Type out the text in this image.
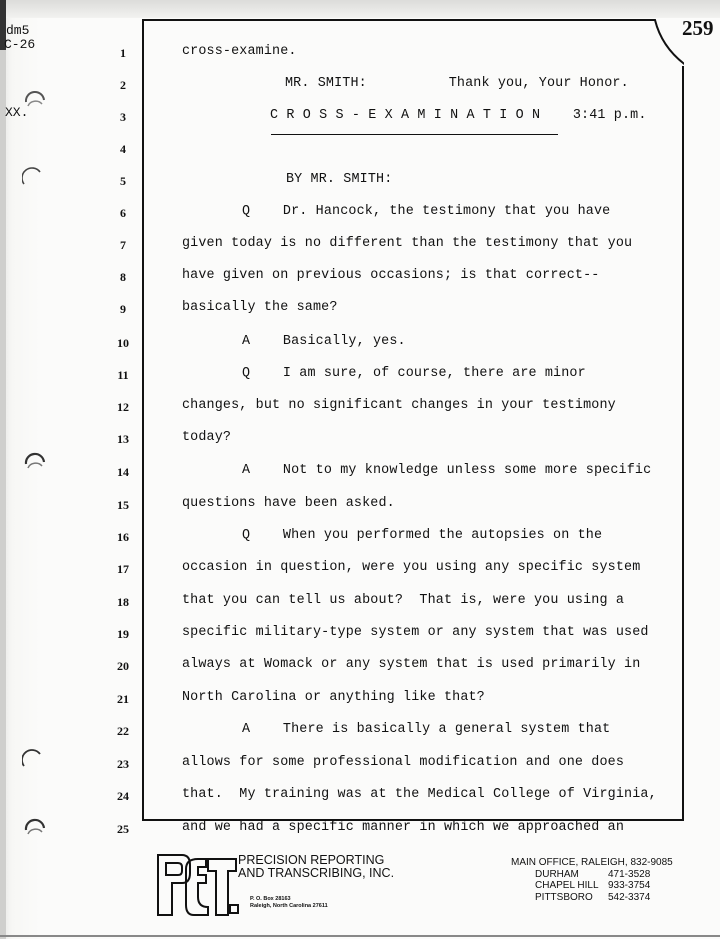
dm5
C-26
XX.
259
PRECISION REPORTING
AND TRANSCRIBING, INC.
P. O. Box 28163
Raleigh, North Carolina 27611
MAIN OFFICE, RALEIGH, 832-9085
DURHAM	471-3528
CHAPEL HILL 933-3754
PITTSBORO	542-3374
1
2
3
4
5
6
7
8
9
10
11
12
13
14
15
16
17
18
19
20
21
22
23
24
25
cross-examine.
MR. SMITH:          Thank you, Your Honor.
C R O S S - E X A M I N A T I O N    3:41 p.m.
BY MR. SMITH:
Q    Dr. Hancock, the testimony that you have
given today is no different than the testimony that you
have given on previous occasions; is that correct--
basically the same?
A    Basically, yes.
Q    I am sure, of course, there are minor
changes, but no significant changes in your testimony
today?
A    Not to my knowledge unless some more specific
questions have been asked.
Q    When you performed the autopsies on the
occasion in question, were you using any specific system
that you can tell us about?  That is, were you using a
specific military-type system or any system that was used
always at Womack or any system that is used primarily in
North Carolina or anything like that?
A    There is basically a general system that
allows for some professional modification and one does
that.  My training was at the Medical College of Virginia,
and we had a specific manner in which we approached an
